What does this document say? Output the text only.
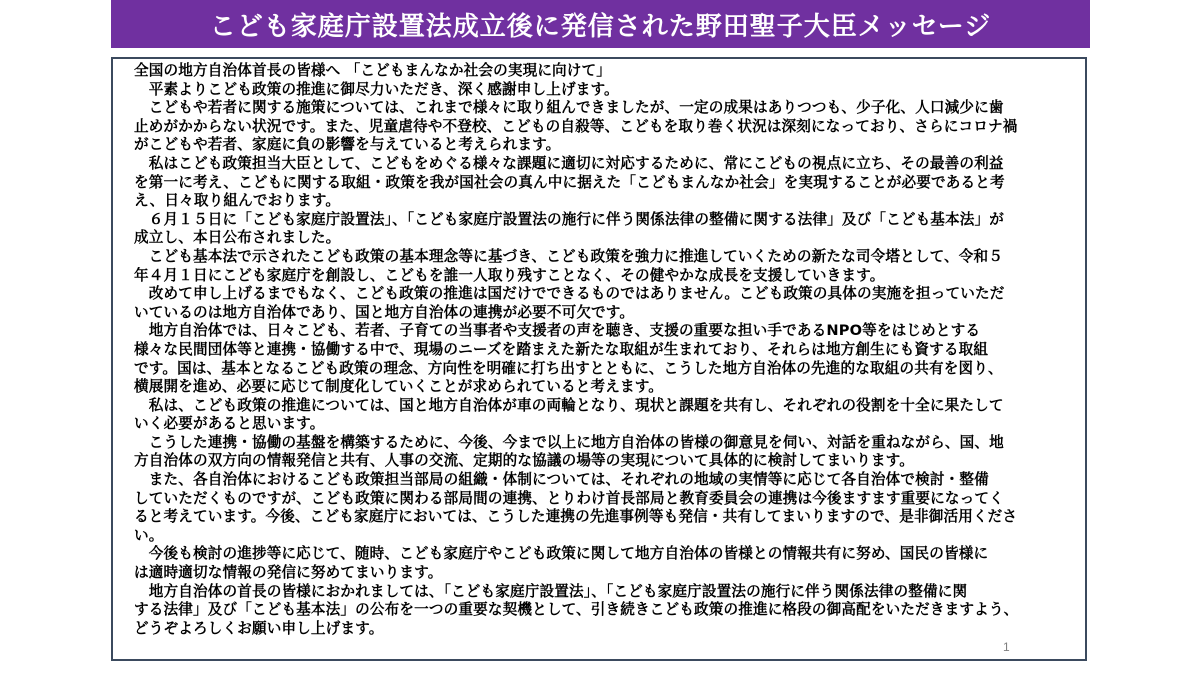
こども家庭庁設置法成立後に発信された野田聖子大臣メッセージ
全国の地方自治体首長の皆様へ 「こどもまんなか社会の実現に向けて」
　平素よりこども政策の推進に御尽力いただき、深く感謝申し上げます。
　こどもや若者に関する施策については、これまで様々に取り組んできましたが、一定の成果はありつつも、少子化、人口減少に歯
止めがかからない状況です。また、児童虐待や不登校、こどもの自殺等、こどもを取り巻く状況は深刻になっており、さらにコロナ禍
がこどもや若者、家庭に負の影響を与えていると考えられます。
　私はこども政策担当大臣として、こどもをめぐる様々な課題に適切に対応するために、常にこどもの視点に立ち、その最善の利益
を第一に考え、こどもに関する取組・政策を我が国社会の真ん中に据えた「こどもまんなか社会」を実現することが必要であると考
え、日々取り組んでおります。
　６月１５日に「こども家庭庁設置法」、「こども家庭庁設置法の施行に伴う関係法律の整備に関する法律」及び「こども基本法」が
成立し、本日公布されました。
　こども基本法で示されたこども政策の基本理念等に基づき、こども政策を強力に推進していくための新たな司令塔として、令和５
年４月１日にこども家庭庁を創設し、こどもを誰一人取り残すことなく、その健やかな成長を支援していきます。
　改めて申し上げるまでもなく、こども政策の推進は国だけでできるものではありません。こども政策の具体の実施を担っていただ
いているのは地方自治体であり、国と地方自治体の連携が必要不可欠です。
　地方自治体では、日々こども、若者、子育ての当事者や支援者の声を聴き、支援の重要な担い手であるNPO等をはじめとする
様々な民間団体等と連携・協働する中で、現場のニーズを踏まえた新たな取組が生まれており、それらは地方創生にも資する取組
です。国は、基本となるこども政策の理念、方向性を明確に打ち出すとともに、こうした地方自治体の先進的な取組の共有を図り、
横展開を進め、必要に応じて制度化していくことが求められていると考えます。
　私は、こども政策の推進については、国と地方自治体が車の両輪となり、現状と課題を共有し、それぞれの役割を十全に果たして
いく必要があると思います。
　こうした連携・協働の基盤を構築するために、今後、今まで以上に地方自治体の皆様の御意見を伺い、対話を重ねながら、国、地
方自治体の双方向の情報発信と共有、人事の交流、定期的な協議の場等の実現について具体的に検討してまいります。
　また、各自治体におけるこども政策担当部局の組織・体制については、それぞれの地域の実情等に応じて各自治体で検討・整備
していただくものですが、こども政策に関わる部局間の連携、とりわけ首長部局と教育委員会の連携は今後ますます重要になってく
ると考えています。今後、こども家庭庁においては、こうした連携の先進事例等も発信・共有してまいりますので、是非御活用くださ
い。
　今後も検討の進捗等に応じて、随時、こども家庭庁やこども政策に関して地方自治体の皆様との情報共有に努め、国民の皆様に
は適時適切な情報の発信に努めてまいります。
　地方自治体の首長の皆様におかれましては、「こども家庭庁設置法」、「こども家庭庁設置法の施行に伴う関係法律の整備に関
する法律」及び「こども基本法」の公布を一つの重要な契機として、引き続きこども政策の推進に格段の御高配をいただきますよう、
どうぞよろしくお願い申し上げます。
1
